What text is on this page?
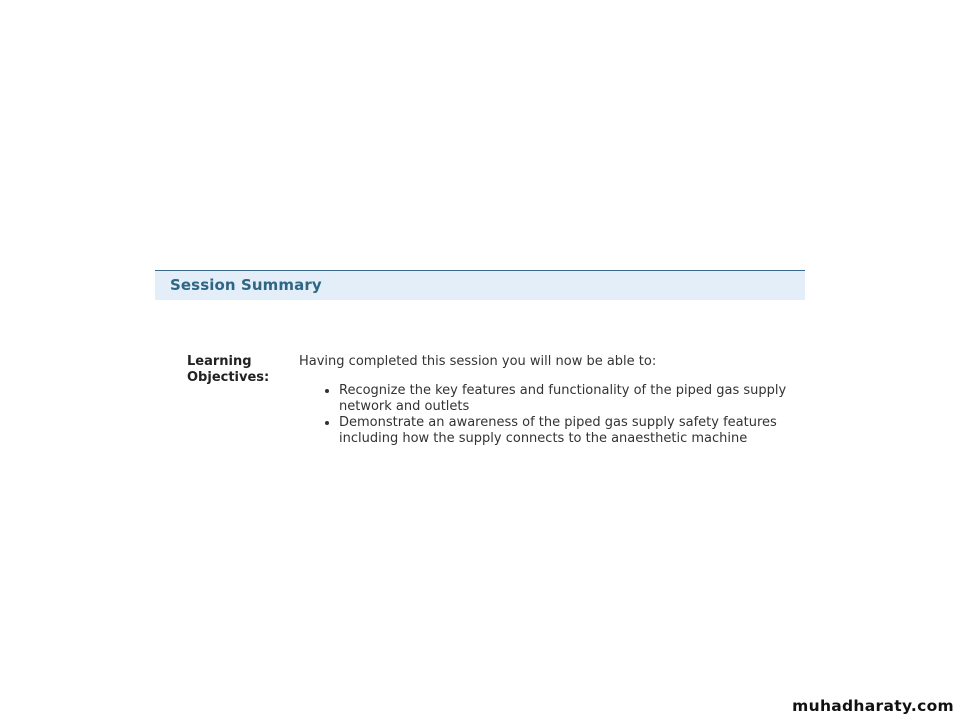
Session Summary
Learning Objectives:

Having completed this session you will now be able to:

• Recognize the key features and functionality of the piped gas supply network and outlets
• Demonstrate an awareness of the piped gas supply safety features including how the supply connects to the anaesthetic machine
muhadharaty.com
